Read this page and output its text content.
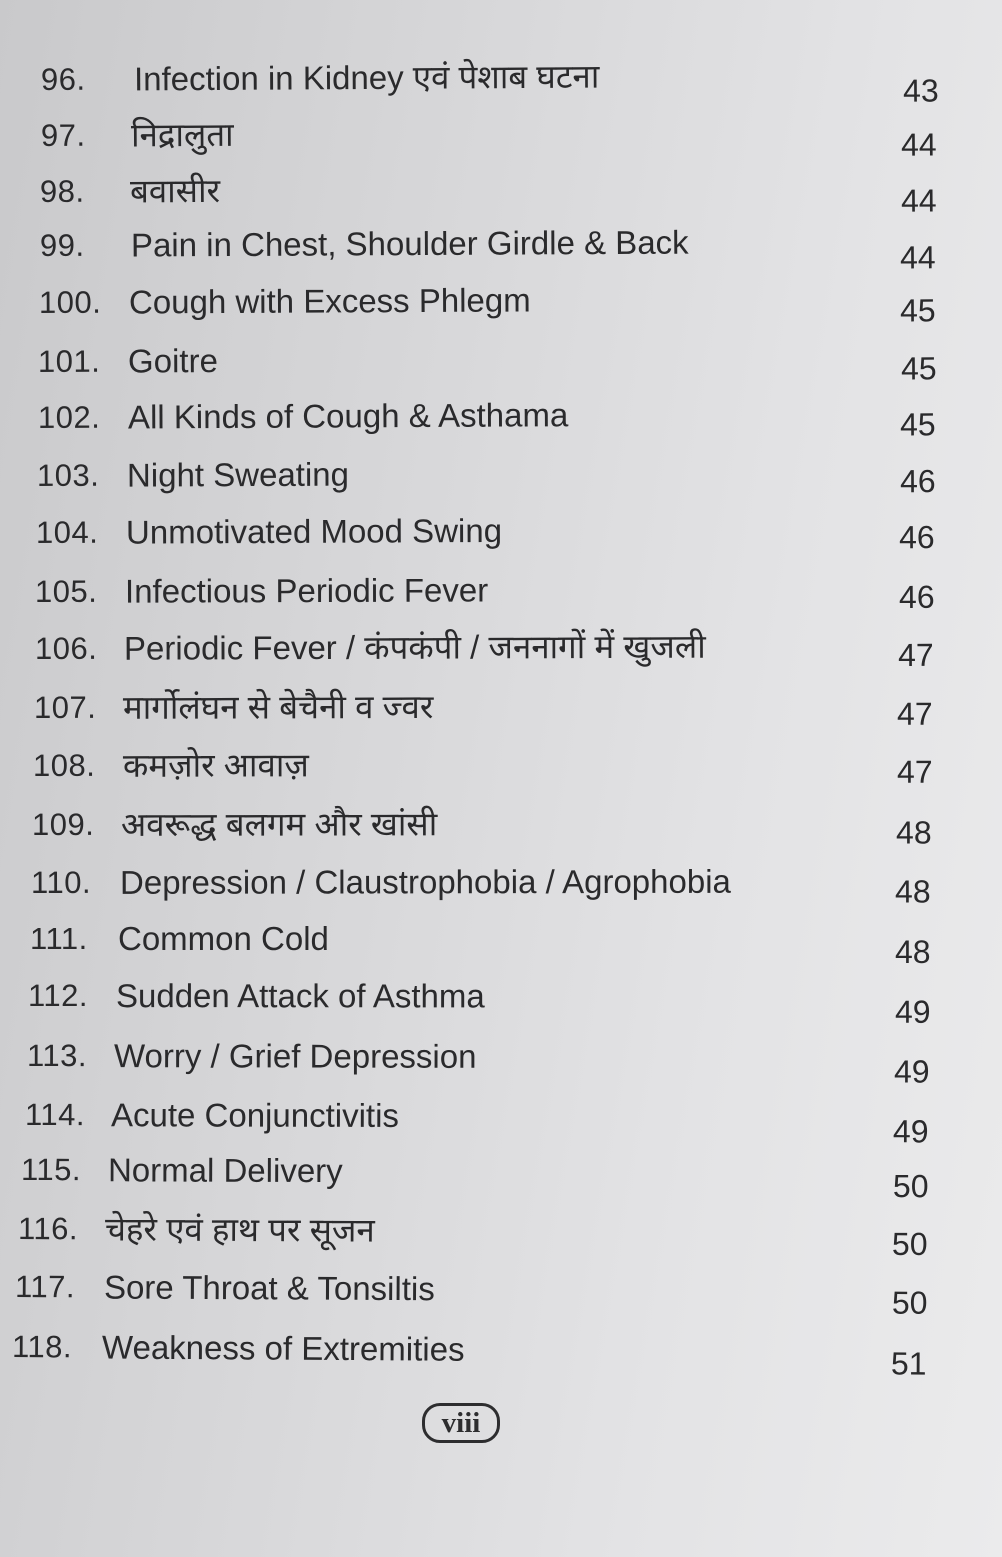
96. Infection in Kidney एवं पेशाब घटना	43
97. निद्रालुता	44
98. बवासीर	44
99. Pain in Chest, Shoulder Girdle & Back	44
100. Cough with Excess Phlegm	45
101. Goitre	45
102. All Kinds of Cough & Asthama	45
103. Night Sweating	46
104. Unmotivated Mood Swing	46
105. Infectious Periodic Fever	46
106. Periodic Fever / कंपकंपी / जननागों में खुजली	47
107. मार्गोलंघन से बेचैनी व ज्वर	47
108. कमज़ोर आवाज़	47
109. अवरूद्ध बलगम और खांसी	48
110. Depression / Claustrophobia / Agrophobia	48
111. Common Cold	48
112. Sudden Attack of Asthma	49
113. Worry / Grief Depression	49
114. Acute Conjunctivitis	49
115. Normal Delivery	50
116. चेहरे एवं हाथ पर सूजन	50
117. Sore Throat & Tonsiltis	50
118. Weakness of Extremities	51
viii
